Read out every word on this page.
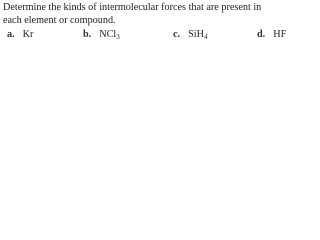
Determine the kinds of intermolecular forces that are present in
each element or compound.
a. Kr	b. NCl$_3$	c. SiH$_4$	d. HF
